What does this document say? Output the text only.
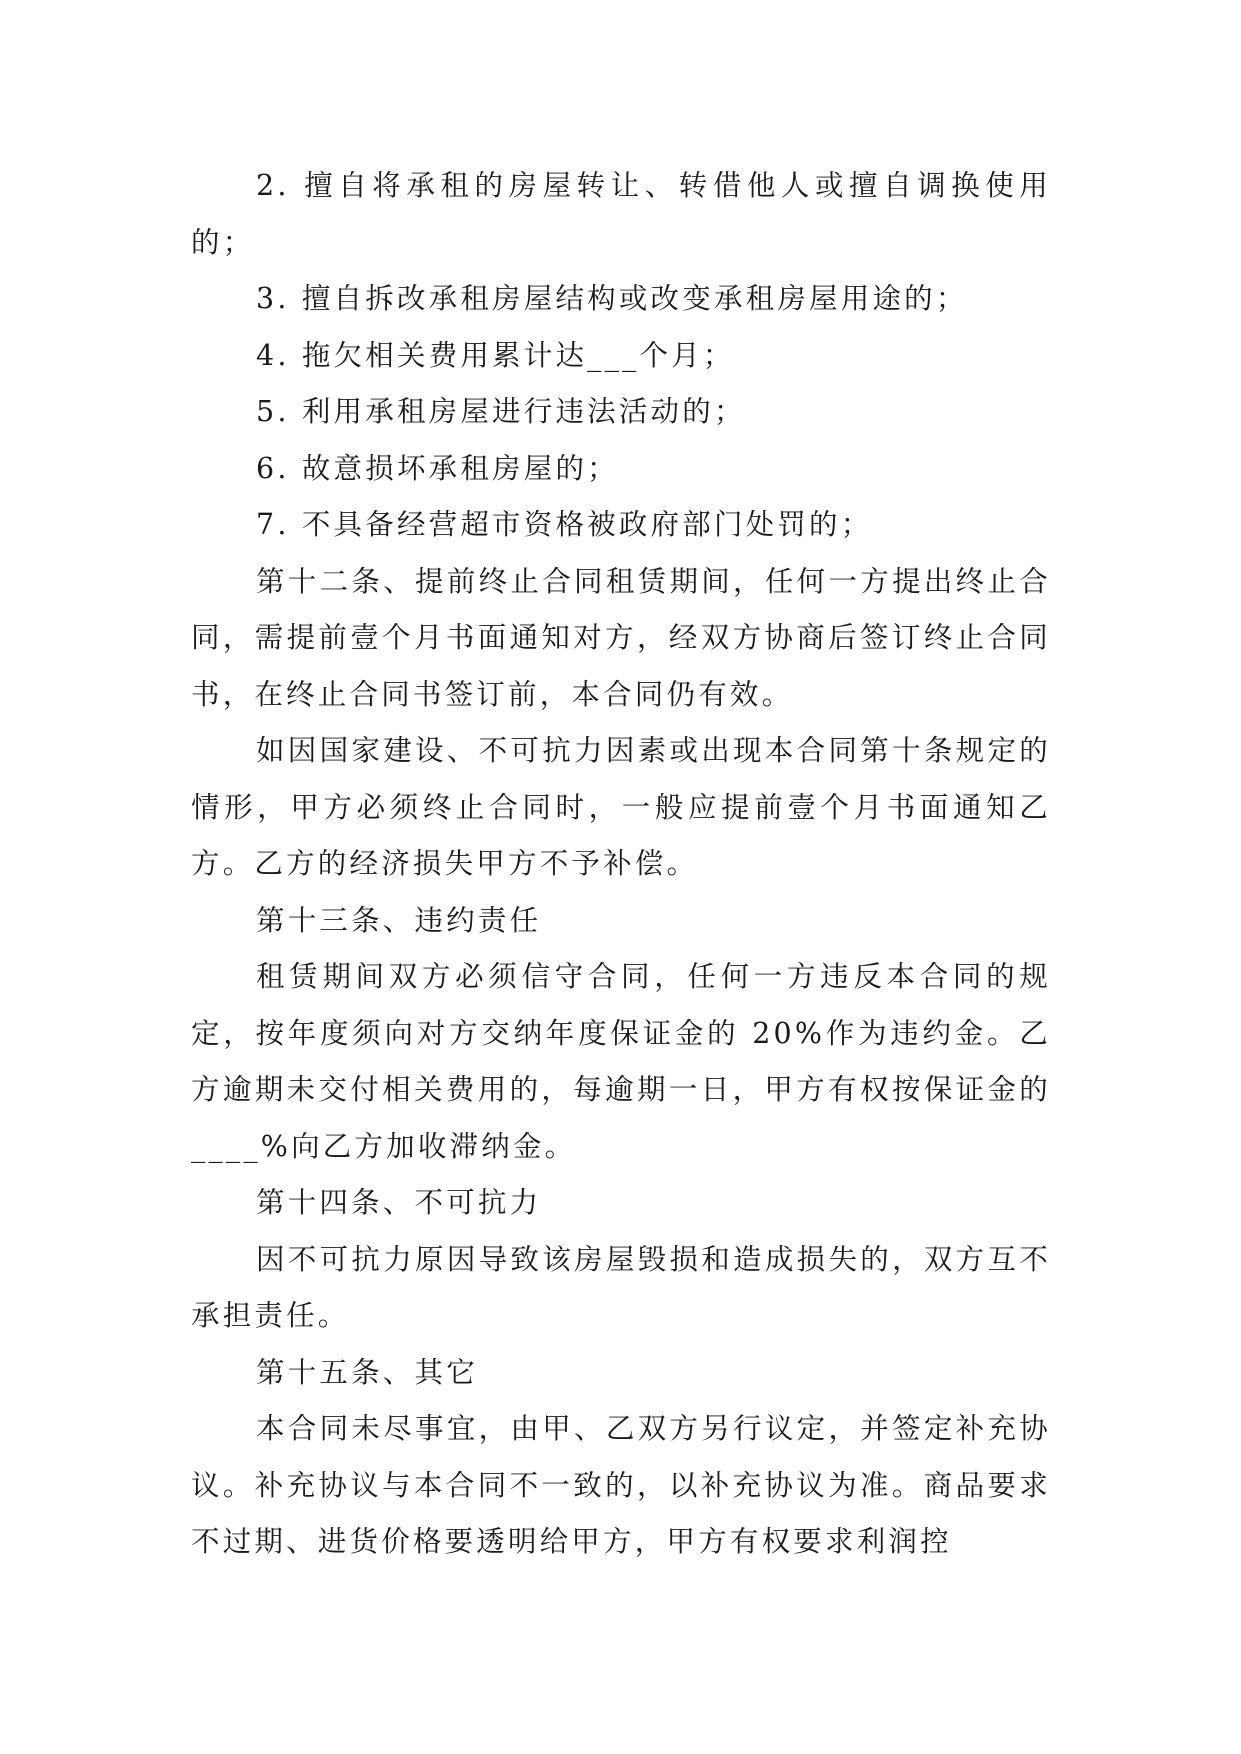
2. 擅自将承租的房屋转让、转借他人或擅自调换使用的；

3. 擅自拆改承租房屋结构或改变承租房屋用途的；

4. 拖欠相关费用累计达___个月；

5. 利用承租房屋进行违法活动的；

6. 故意损坏承租房屋的；

7. 不具备经营超市资格被政府部门处罚的；

第十二条、提前终止合同租赁期间，任何一方提出终止合同，需提前壹个月书面通知对方，经双方协商后签订终止合同书，在终止合同书签订前，本合同仍有效。

如因国家建设、不可抗力因素或出现本合同第十条规定的情形，甲方必须终止合同时，一般应提前壹个月书面通知乙方。乙方的经济损失甲方不予补偿。

第十三条、违约责任

租赁期间双方必须信守合同，任何一方违反本合同的规定，按年度须向对方交纳年度保证金的 20%作为违约金。乙方逾期未交付相关费用的，每逾期一日，甲方有权按保证金的____%向乙方加收滞纳金。

第十四条、不可抗力

因不可抗力原因导致该房屋毁损和造成损失的，双方互不承担责任。

第十五条、其它

本合同未尽事宜，由甲、乙双方另行议定，并签定补充协议。补充协议与本合同不一致的，以补充协议为准。商品要求不过期、进货价格要透明给甲方，甲方有权要求利润控
